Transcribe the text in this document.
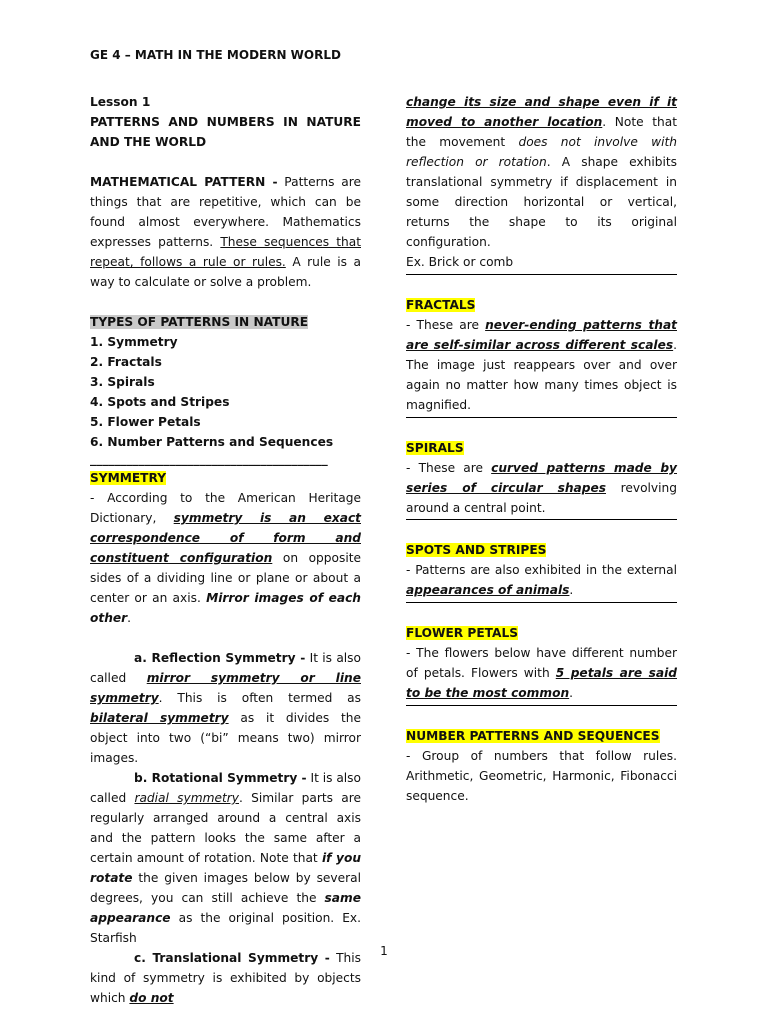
GE 4 – MATH IN THE MODERN WORLD

Lesson 1

PATTERNS AND NUMBERS IN NATURE AND THE WORLD

MATHEMATICAL PATTERN - Patterns are things that are repetitive, which can be found almost everywhere. Mathematics expresses patterns. These sequences that repeat, follows a rule or rules. A rule is a way to calculate or solve a problem.

TYPES OF PATTERNS IN NATURE

1. Symmetry

2. Fractals

3. Spirals

4. Spots and Stripes

5. Flower Petals

6. Number Patterns and Sequences

_______________________________________

SYMMETRY

- According to the American Heritage Dictionary, symmetry is an exact correspondence of form and constituent configuration on opposite sides of a dividing line or plane or about a center or an axis. Mirror images of each other.

a. Reflection Symmetry - It is also called mirror symmetry or line symmetry. This is often termed as bilateral symmetry as it divides the object into two (“bi” means two) mirror images.

b. Rotational Symmetry - It is also called radial symmetry. Similar parts are regularly arranged around a central axis and the pattern looks the same after a certain amount of rotation. Note that if you rotate the given images below by several degrees, you can still achieve the same appearance as the original position. Ex. Starfish

c. Translational Symmetry - This kind of symmetry is exhibited by objects which do not

change its size and shape even if it moved to another location. Note that the movement does not involve with reflection or rotation. A shape exhibits translational symmetry if displacement in some direction horizontal or vertical, returns the shape to its original configuration.

Ex. Brick or comb

FRACTALS

- These are never-ending patterns that are self-similar across different scales. The image just reappears over and over again no matter how many times object is magnified.

SPIRALS

- These are curved patterns made by series of circular shapes revolving around a central point.

SPOTS AND STRIPES

- Patterns are also exhibited in the external appearances of animals.

FLOWER PETALS

- The flowers below have different number of petals. Flowers with 5 petals are said to be the most common.

NUMBER PATTERNS AND SEQUENCES

- Group of numbers that follow rules. Arithmetic, Geometric, Harmonic, Fibonacci sequence.

1
